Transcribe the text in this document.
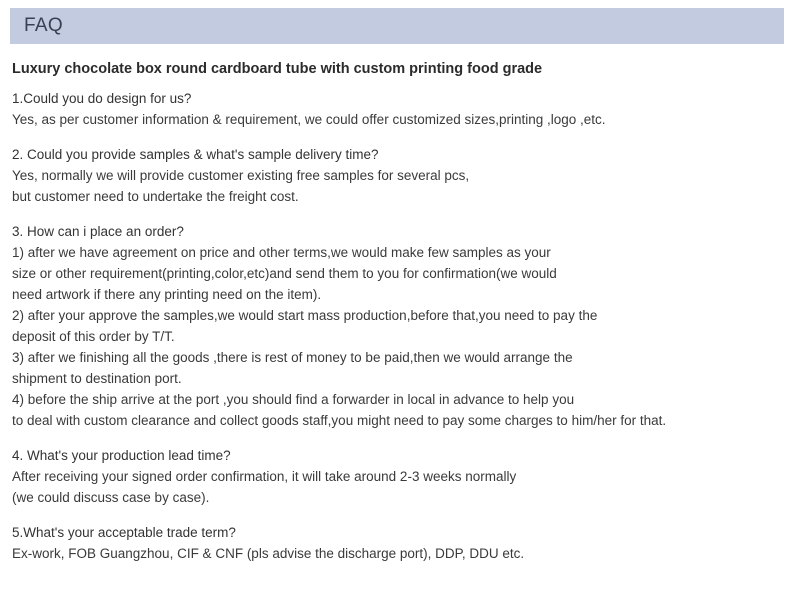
FAQ
Luxury chocolate box round cardboard tube with custom printing food grade
1.Could you do design for us?
Yes, as per customer information & requirement, we could offer customized sizes,printing ,logo ,etc.
2. Could you provide samples & what's sample delivery time?
Yes, normally we will provide customer existing free samples for several pcs,
but customer need to undertake the freight cost.
3. How can i place an order?
1) after we have agreement on price and other terms,we would make few samples as your
size or other requirement(printing,color,etc)and send them to you for confirmation(we would
need artwork if there any printing need on the item).
2) after your approve the samples,we would start mass production,before that,you need to pay the
deposit of this order by T/T.
3) after we finishing all the goods ,there is rest of money to be paid,then we would arrange the
shipment to destination port.
4) before the ship arrive at the port ,you should find a forwarder in local in advance to help you
to deal with custom clearance and collect goods staff,you might need to pay some charges to him/her for that.
4. What's your production lead time?
After receiving your signed order confirmation, it will take around 2-3 weeks normally
(we could discuss case by case).
5.What's your acceptable trade term?
Ex-work, FOB Guangzhou, CIF & CNF (pls advise the discharge port), DDP, DDU etc.
